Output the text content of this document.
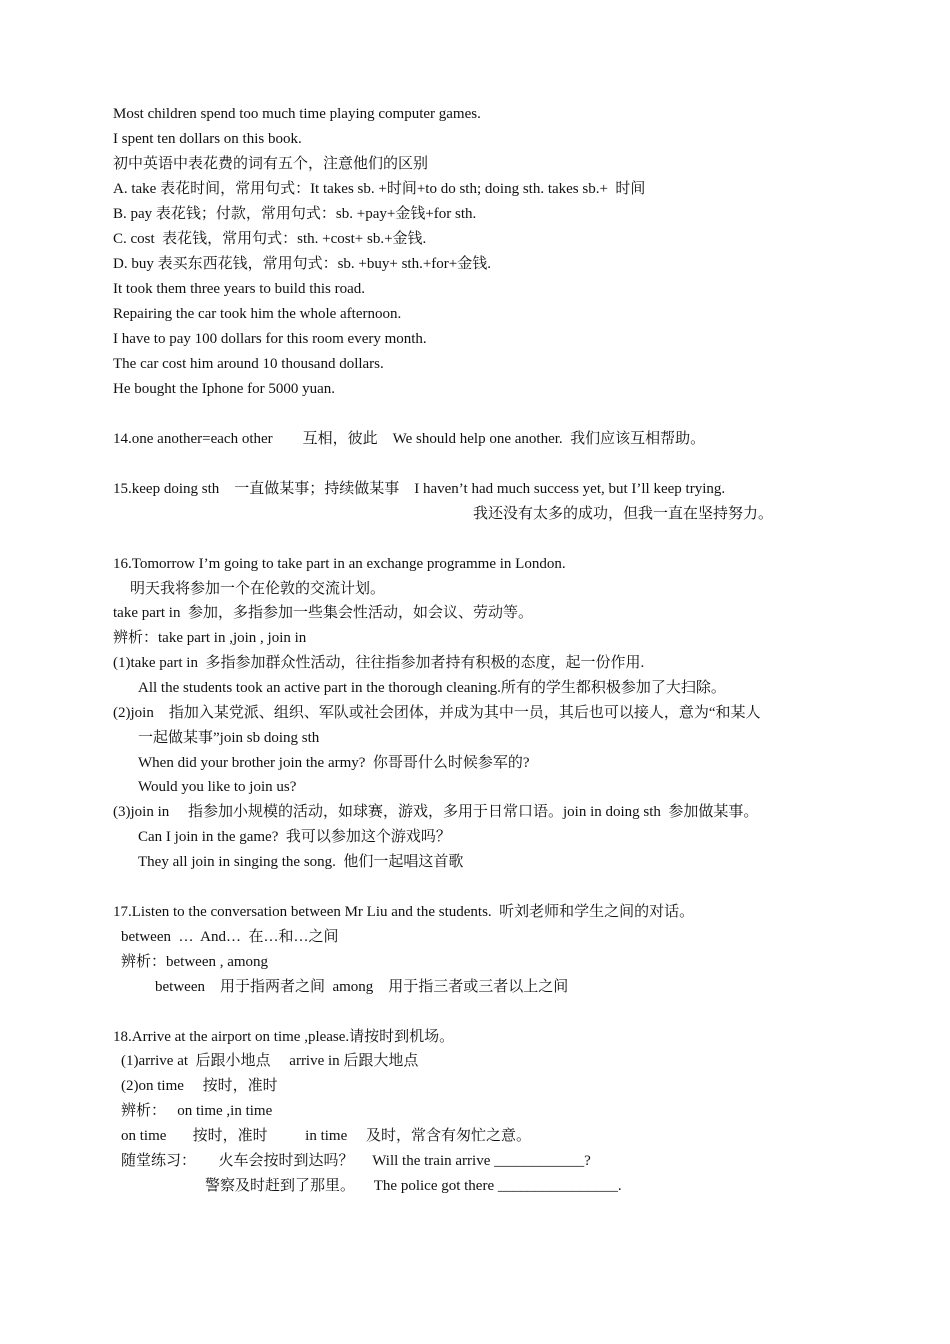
Most children spend too much time playing computer games.
I spent ten dollars on this book.
初中英语中表花费的词有五个，注意他们的区别
A. take 表花时间，常用句式：It takes sb. +时间+to do sth; doing sth. takes sb.+  时间
B. pay 表花钱；付款，常用句式：sb. +pay+金钱+for sth.
C. cost  表花钱，常用句式：sth. +cost+ sb.+金钱.
D. buy 表买东西花钱，常用句式：sb. +buy+ sth.+for+金钱.
It took them three years to build this road.
Repairing the car took him the whole afternoon.
I have to pay 100 dollars for this room every month.
The car cost him around 10 thousand dollars.
He bought the Iphone for 5000 yuan.
14.one another=each other        互相，彼此    We should help one another.  我们应该互相帮助。
15.keep doing sth    一直做某事；持续做某事    I haven’t had much success yet, but I’ll keep trying.
我还没有太多的成功，但我一直在坚持努力。
16.Tomorrow I’m going to take part in an exchange programme in London.
明天我将参加一个在伦敦的交流计划。
take part in  参加，多指参加一些集会性活动，如会议、劳动等。
辨析：take part in ,join , join in
(1)take part in  多指参加群众性活动，往往指参加者持有积极的态度，起一份作用.
All the students took an active part in the thorough cleaning.所有的学生都积极参加了大扫除。
(2)join    指加入某党派、组织、军队或社会团体，并成为其中一员，其后也可以接人，意为“和某人
一起做某事”join sb doing sth
When did your brother join the army?  你哥哥什么时候参军的?
Would you like to join us?
(3)join in     指参加小规模的活动，如球赛，游戏，多用于日常口语。join in doing sth  参加做某事。
Can I join in the game?  我可以参加这个游戏吗？
They all join in singing the song.  他们一起唱这首歌
17.Listen to the conversation between Mr Liu and the students.  听刘老师和学生之间的对话。
between  …  And…  在…和…之间
辨析：between , among
between    用于指两者之间  among    用于指三者或三者以上之间
18.Arrive at the airport on time ,please.请按时到机场。
(1)arrive at  后跟小地点     arrive in 后跟大地点
(2)on time     按时，准时
辨析：   on time ,in time
on time       按时，准时          in time     及时，常含有匆忙之意。
随堂练习：      火车会按时到达吗？     Will the train arrive ____________?
警察及时赶到了那里。     The police got there ________________.
